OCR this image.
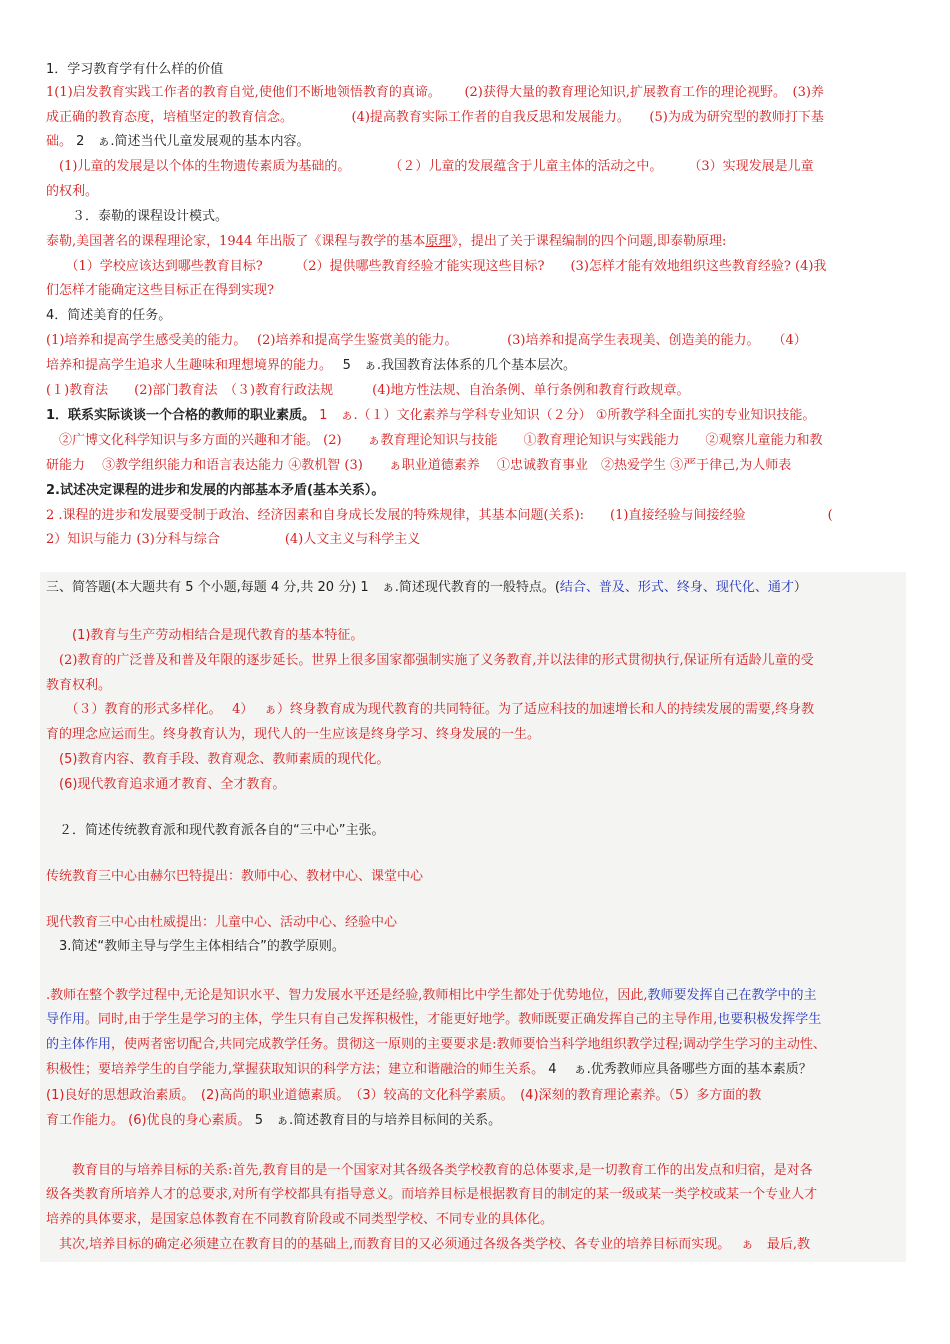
1．学习教育学有什么样的价值
1(1)启发教育实践工作者的教育自觉,使他们不断地领悟教育的真谛。　　 (2)获得大量的教育理论知识,扩展教育工作的理论视野。　(3)养
成正确的教育态度，培植坚定的教育信念。　　　　　(4)提高教育实际工作者的自我反思和发展能力。　　(5)为成为研究型的教师打下基
础。 2　ぁ.简述当代儿童发展观的基本内容。
　(1)儿童的发展是以个体的生物遗传素质为基础的。　　　　（２）儿童的发展蕴含于儿童主体的活动之中。　　　（3）实现发展是儿童
的权利。
　　３．泰勒的课程设计模式。
泰勒,美国著名的课程理论家，1944 年出版了《课程与教学的基本原理》，提出了关于课程编制的四个问题,即泰勒原理:
　　（1）学校应该达到哪些教育目标?　　　（2）提供哪些教育经验才能实现这些目标?　　(3)怎样才能有效地组织这些教育经验? (4)我
们怎样才能确定这些目标正在得到实现?
4．简述美育的任务。
(1)培养和提高学生感受美的能力。　 (2)培养和提高学生鉴赏美的能力。　　　　 (3)培养和提高学生表现美、创造美的能力。　　（4）
培养和提高学生追求人生趣味和理想境界的能力。　 5　ぁ.我国教育法体系的几个基本层次。
(１)教育法　　(2)部门教育法　（３)教育行政法规　　　(4)地方性法规、自治条例、单行条例和教育行政规章。
1．联系实际谈谈一个合格的教师的职业素质。 1　ぁ.（１）文化素养与学科专业知识（２分） ①所教学科全面扎实的专业知识技能。
　②广博文化科学知识与多方面的兴趣和才能。 (2)　　ぁ教育理论知识与技能　　①教育理论知识与实践能力　　②观察儿童能力和教
研能力　 ③教学组织能力和语言表达能力 ④教机智 (3)　　ぁ职业道德素养　 ①忠诚教育事业　②热爱学生 ③严于律己,为人师表
2.试述决定课程的进步和发展的内部基本矛盾(基本关系）。
2 .课程的进步和发展要受制于政治、经济因素和自身成长发展的特殊规律，其基本问题(关系):　　(1)直接经验与间接经验　　　　　　 (
2）知识与能力 (3)分科与综合　　　　　(4)人文主义与科学主义
三、简答题(本大题共有 5 个小题,每题 4 分,共 20 分) 1　ぁ.简述现代教育的一般特点。(结合、普及、形式、终身、现代化、通才）
　　(1)教育与生产劳动相结合是现代教育的基本特征。
　(2)教育的广泛普及和普及年限的逐步延长。世界上很多国家都强制实施了义务教育,并以法律的形式贯彻执行,保证所有适龄儿童的受
教育权利。
　　（３）教育的形式多样化。　 4）　 ぁ）终身教育成为现代教育的共同特征。为了适应科技的加速增长和人的持续发展的需要,终身教
育的理念应运而生。终身教育认为，现代人的一生应该是终身学习、终身发展的一生。
　(5)教育内容、教育手段、教育观念、教师素质的现代化。
　(6)现代教育追求通才教育、全才教育。
　２．简述传统教育派和现代教育派各自的“三中心”主张。
传统教育三中心由赫尔巴特提出：教师中心、教材中心、课堂中心
现代教育三中心由杜威提出：儿童中心、活动中心、经验中心
　3.简述“教师主导与学生主体相结合”的教学原则。
.教师在整个教学过程中,无论是知识水平、智力发展水平还是经验,教师相比中学生都处于优势地位，因此,教师要发挥自己在教学中的主
导作用。同时,由于学生是学习的主体，学生只有自己发挥积极性，才能更好地学。教师既要正确发挥自己的主导作用,也要积极发挥学生
的主体作用，使两者密切配合,共同完成教学任务。贯彻这一原则的主要要求是:教师要恰当科学地组织教学过程;调动学生学习的主动性、
积极性；要培养学生的自学能力,掌握获取知识的科学方法；建立和谐融洽的师生关系。 4　 ぁ.优秀教师应具备哪些方面的基本素质？
(1)良好的思想政治素质。　(2)高尚的职业道德素质。　（3）较高的文化科学素质。　(4)深刻的教育理论素养。（5）多方面的教
育工作能力。 (6)优良的身心素质。 5　ぁ.简述教育目的与培养目标间的关系。
　　教育目的与培养目标的关系:首先,教育目的是一个国家对其各级各类学校教育的总体要求,是一切教育工作的出发点和归宿，是对各
级各类教育所培养人才的总要求,对所有学校都具有指导意义。而培养目标是根据教育目的制定的某一级或某一类学校或某一个专业人才
培养的具体要求，是国家总体教育在不同教育阶段或不同类型学校、不同专业的具体化。
　其次,培养目标的确定必须建立在教育目的的基础上,而教育目的又必须通过各级各类学校、各专业的培养目标而实现。　 ぁ　最后,教
